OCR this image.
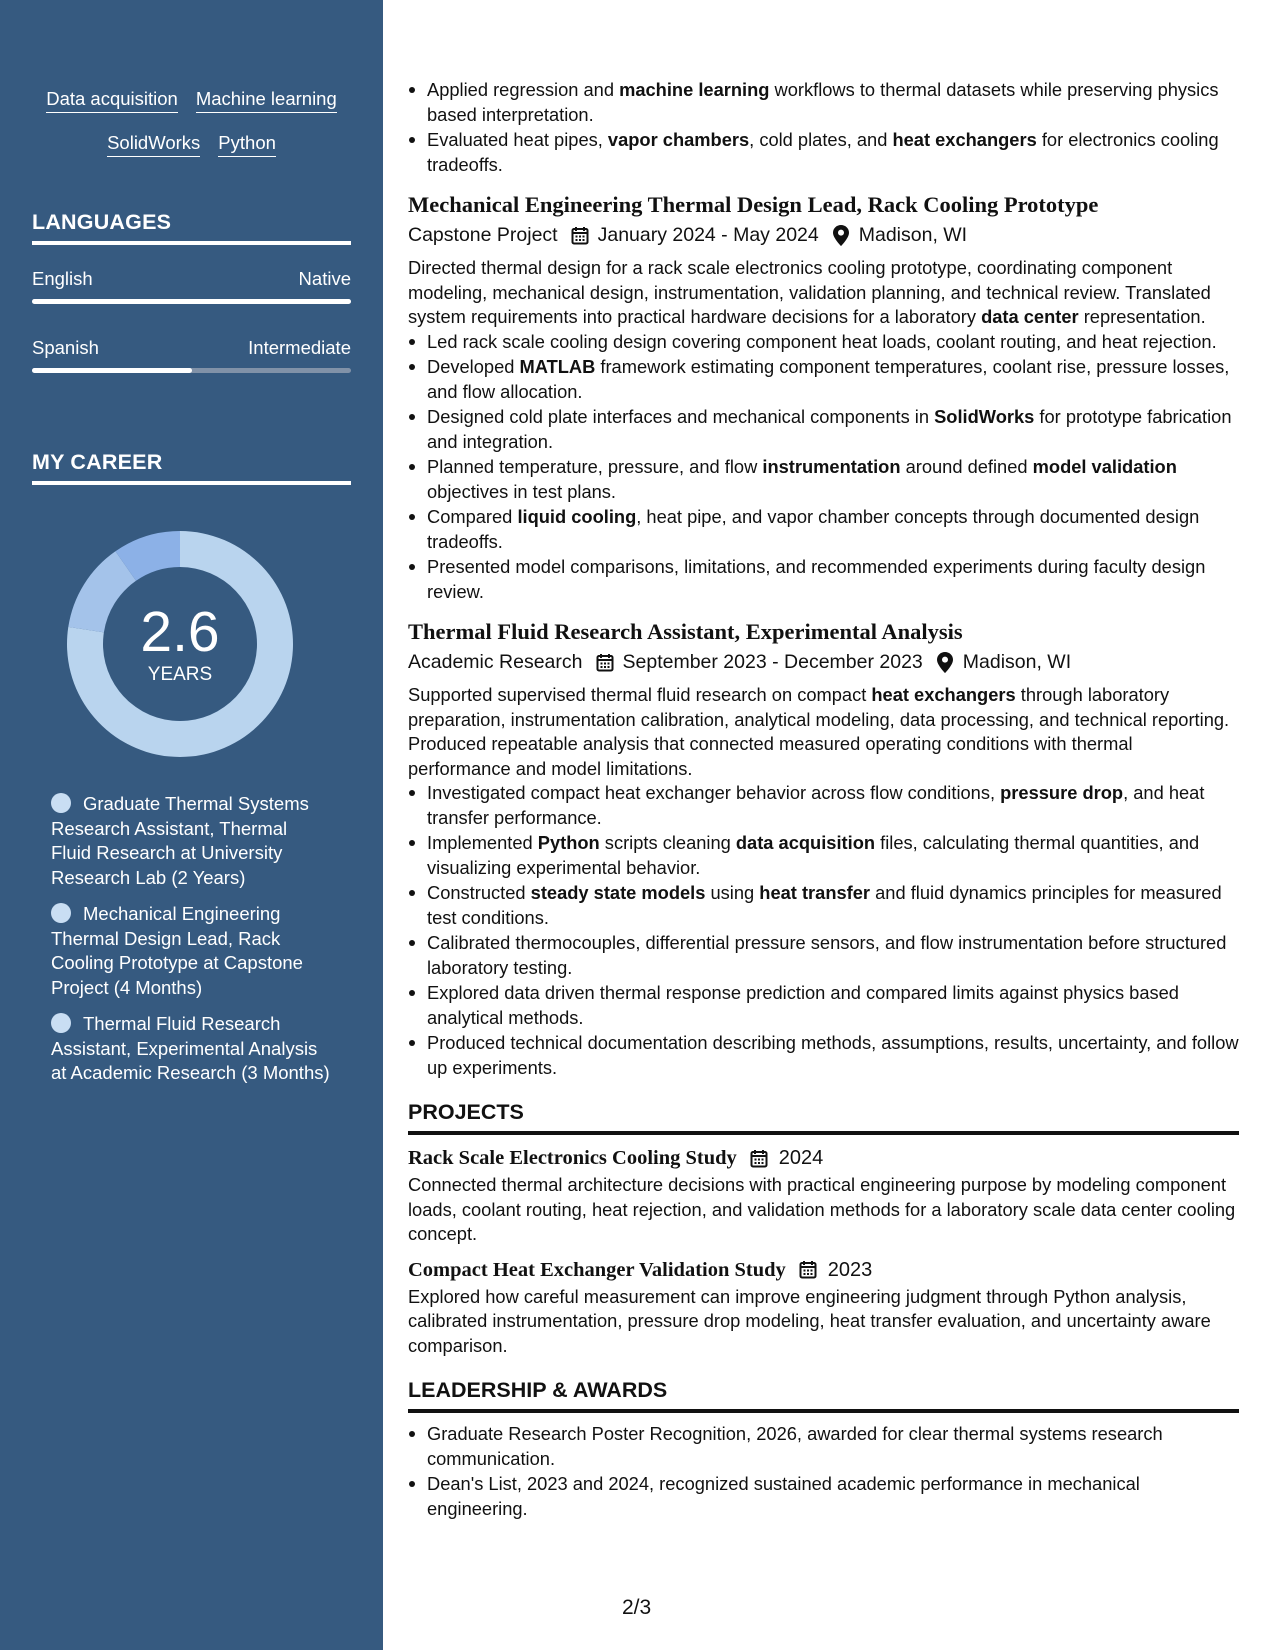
Data acquisition Machine learning
SolidWorks Python
LANGUAGES
English	Native
Spanish	Intermediate
MY CAREER
2.6
YEARS
Graduate Thermal Systems Research Assistant, Thermal Fluid Research at University Research Lab (2 Years)
Mechanical Engineering Thermal Design Lead, Rack Cooling Prototype at Capstone Project (4 Months)
Thermal Fluid Research Assistant, Experimental Analysis at Academic Research (3 Months)
Applied regression and machine learning workflows to thermal datasets while preserving physics based interpretation.
Evaluated heat pipes, vapor chambers, cold plates, and heat exchangers for electronics cooling tradeoffs.
Mechanical Engineering Thermal Design Lead, Rack Cooling Prototype
Capstone Project January 2024 - May 2024 Madison, WI
Directed thermal design for a rack scale electronics cooling prototype, coordinating component modeling, mechanical design, instrumentation, validation planning, and technical review. Translated system requirements into practical hardware decisions for a laboratory data center representation.
Led rack scale cooling design covering component heat loads, coolant routing, and heat rejection.
Developed MATLAB framework estimating component temperatures, coolant rise, pressure losses, and flow allocation.
Designed cold plate interfaces and mechanical components in SolidWorks for prototype fabrication and integration.
Planned temperature, pressure, and flow instrumentation around defined model validation objectives in test plans.
Compared liquid cooling, heat pipe, and vapor chamber concepts through documented design tradeoffs.
Presented model comparisons, limitations, and recommended experiments during faculty design review.
Thermal Fluid Research Assistant, Experimental Analysis
Academic Research September 2023 - December 2023 Madison, WI
Supported supervised thermal fluid research on compact heat exchangers through laboratory preparation, instrumentation calibration, analytical modeling, data processing, and technical reporting. Produced repeatable analysis that connected measured operating conditions with thermal performance and model limitations.
Investigated compact heat exchanger behavior across flow conditions, pressure drop, and heat transfer performance.
Implemented Python scripts cleaning data acquisition files, calculating thermal quantities, and visualizing experimental behavior.
Constructed steady state models using heat transfer and fluid dynamics principles for measured test conditions.
Calibrated thermocouples, differential pressure sensors, and flow instrumentation before structured laboratory testing.
Explored data driven thermal response prediction and compared limits against physics based analytical methods.
Produced technical documentation describing methods, assumptions, results, uncertainty, and follow up experiments.
PROJECTS
Rack Scale Electronics Cooling Study 2024
Connected thermal architecture decisions with practical engineering purpose by modeling component loads, coolant routing, heat rejection, and validation methods for a laboratory scale data center cooling concept.
Compact Heat Exchanger Validation Study 2023
Explored how careful measurement can improve engineering judgment through Python analysis, calibrated instrumentation, pressure drop modeling, heat transfer evaluation, and uncertainty aware comparison.
LEADERSHIP & AWARDS
Graduate Research Poster Recognition, 2026, awarded for clear thermal systems research communication.
Dean's List, 2023 and 2024, recognized sustained academic performance in mechanical engineering.
2/3
